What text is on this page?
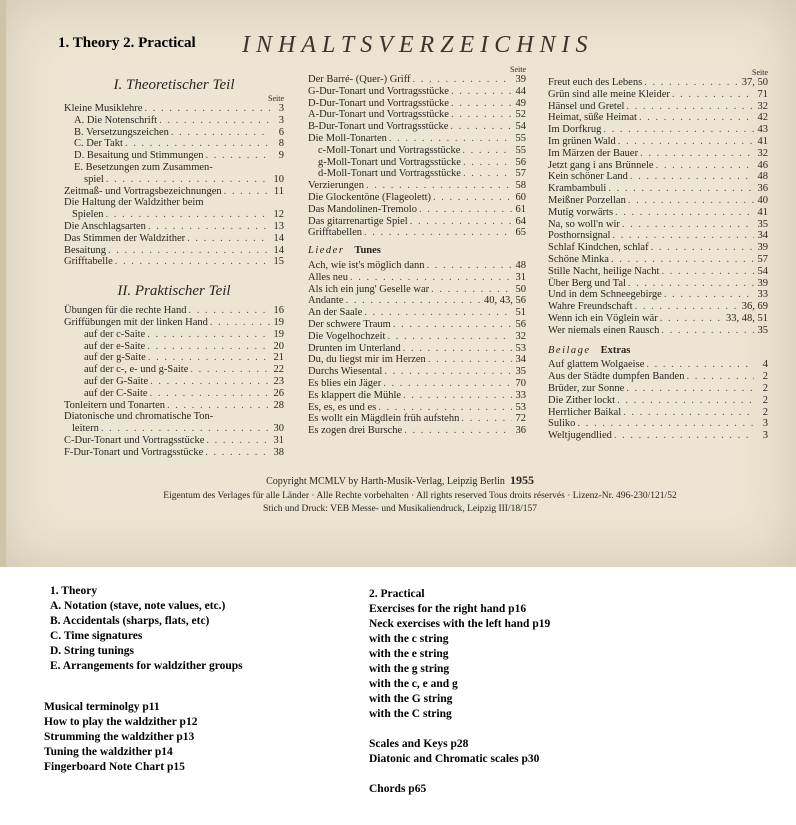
1. Theory 2. Practical INHALTSVERZEICHNIS
I. Theoretischer Teil
Seite
Kleine Musiklehre . . .	3
A. Die Notenschrift . . .	3
B. Versetzungszeichen . . .	6
C. Der Takt . . .	8
D. Besaitung und Stimmungen . . .	9
E. Besetzungen zum Zusammen-
spiel . . .	10
Zeitmaß- und Vortragsbezeichnungen . . .	11
Die Haltung der Waldzither beim
Spielen . . .	12
Die Anschlagsarten . . .	13
Das Stimmen der Waldzither . . .	14
Besaitung . . .	14
Grifftabelle . . .	15
II. Praktischer Teil
Übungen für die rechte Hand . . .	16
Griffübungen mit der linken Hand . . .	19
auf der c-Saite . . .	19
auf der e-Saite . . .	20
auf der g-Saite . . .	21
auf der c-, e- und g-Saite . . .	22
auf der G-Saite . . .	23
auf der C-Saite . . .	26
Tonleitern und Tonarten . . .	28
Diatonische und chromatische Ton-
leitern . . .	30
C-Dur-Tonart und Vortragsstücke . . .	31
F-Dur-Tonart und Vortragsstücke . . .	38
Seite
Der Barré- (Quer-) Griff . . .	39
G-Dur-Tonart und Vortragsstücke . . .	44
D-Dur-Tonart und Vortragsstücke . . .	49
A-Dur-Tonart und Vortragsstücke . . .	52
B-Dur-Tonart und Vortragsstücke . . .	54
Die Moll-Tonarten . . .	55
c-Moll-Tonart und Vortragsstücke . . .	55
g-Moll-Tonart und Vortragsstücke . . .	56
d-Moll-Tonart und Vortragsstücke . . .	57
Verzierungen . . .	58
Die Glockentöne (Flageolett) . . .	60
Das Mandolinen-Tremolo . . .	61
Das gitarrenartige Spiel . . .	64
Grifftabellen . . .	65
Lieder Tunes
Ach, wie ist's möglich dann . . .	48
Alles neu . . .	31
Als ich ein jung' Geselle war . . .	50
Andante . . .	40, 43, 56
An der Saale . . .	51
Der schwere Traum . . .	56
Die Vogelhochzeit . . .	32
Drunten im Unterland . . .	53
Du, du liegst mir im Herzen . . .	34
Durchs Wiesental . . .	35
Es blies ein Jäger . . .	70
Es klappert die Mühle . . .	33
Es, es, es und es . . .	53
Es wollt ein Mägdlein früh aufstehn . . .	72
Es zogen drei Bursche . . .	36
Seite
Freut euch des Lebens . . .	37, 50
Grün sind alle meine Kleider . . .	71
Hänsel und Gretel . . .	32
Heimat, süße Heimat . . .	42
Im Dorfkrug . . .	43
Im grünen Wald . . .	41
Im Märzen der Bauer . . .	32
Jetzt gang i ans Brünnele . . .	46
Kein schöner Land . . .	48
Krambambuli . . .	36
Meißner Porzellan . . .	40
Mutig vorwärts . . .	41
Na, so woll'n wir . . .	35
Posthornsignal . . .	34
Schlaf Kindchen, schlaf . . .	39
Schöne Minka . . .	57
Stille Nacht, heilige Nacht . . .	54
Über Berg und Tal . . .	39
Und in dem Schneegebirge . . .	33
Wahre Freundschaft . . .	36, 69
Wenn ich ein Vöglein wär . . .	33, 48, 51
Wer niemals einen Rausch . . .	35
Beilage Extras
Auf glattem Wolgaeise . . .	4
Aus der Städte dumpfen Banden . . .	2
Brüder, zur Sonne . . .	2
Die Zither lockt . . .	2
Herrlicher Baikal . . .	2
Suliko . . .	3
Weltjugendlied . . .	3
Copyright MCMLV by Harth-Musik-Verlag, Leipzig Berlin 1955
Eigentum des Verlages für alle Länder · Alle Rechte vorbehalten · All rights reserved Tous droits réservés · Lizenz-Nr. 496-230/121/52
Stich und Druck: VEB Messe- und Musikaliendruck, Leipzig III/18/157
1. Theory
A. Notation (stave, note values, etc.)
B. Accidentals (sharps, flats, etc)
C. Time signatures
D. String tunings
E. Arrangements for waldzither groups
Musical terminolgy p11
How to play the waldzither p12
Strumming the waldzither p13
Tuning the waldzither p14
Fingerboard Note Chart p15
2. Practical
Exercises for the right hand p16
Neck exercises with the left hand p19
with the c string
with the e string
with the g string
with the c, e and g
with the G string
with the C string
Scales and Keys p28
Diatonic and Chromatic scales p30
Chords p65
